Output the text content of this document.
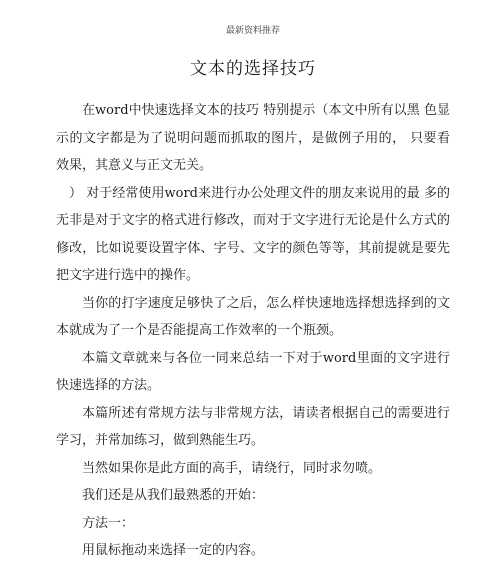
最新资料推荐
文本的选择技巧

在word中快速选择文本的技巧 特别提示（本文中所有以黑 色显示的文字都是为了说明问题而抓取的图片，是做例子用的， 只要看效果，其意义与正文无关。

） 对于经常使用word来进行办公处理文件的朋友来说用的最 多的无非是对于文字的格式进行修改，而对于文字进行无论是什么方式的修改，比如说要设置字体、字号、文字的颜色等等，其前提就是要先把文字进行选中的操作。

当你的打字速度足够快了之后，怎么样快速地选择想选择到的文本就成为了一个是否能提高工作效率的一个瓶颈。

本篇文章就来与各位一同来总结一下对于word里面的文字进行 快速选择的方法。

本篇所述有常规方法与非常规方法，请读者根据自己的需要进行学习，并常加练习，做到熟能生巧。

当然如果你是此方面的高手，请绕行，同时求勿喷。

我们还是从我们最熟悉的开始：

方法一：

用鼠标拖动来选择一定的内容。
